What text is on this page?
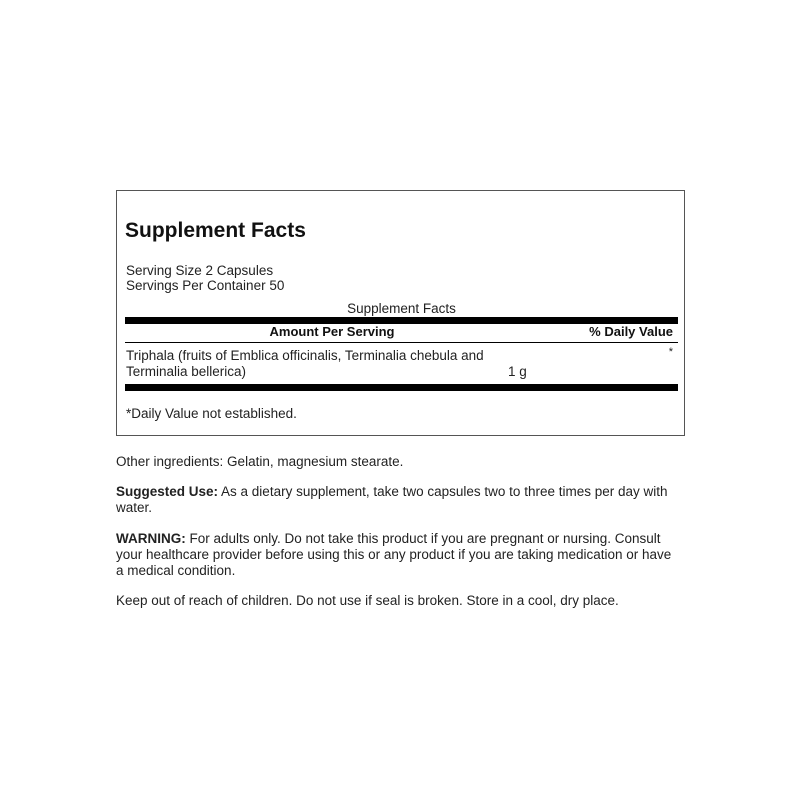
Supplement Facts
Serving Size 2 Capsules
Servings Per Container 50
Supplement Facts
Amount Per Serving	% Daily Value
Triphala (fruits of Emblica officinalis, Terminalia chebula and
Terminalia bellerica)	1 g
*
*Daily Value not established.
Other ingredients: Gelatin, magnesium stearate.
Suggested Use: As a dietary supplement, take two capsules two to three times per day with water.
WARNING: For adults only. Do not take this product if you are pregnant or nursing. Consult your healthcare provider before using this or any product if you are taking medication or have a medical condition.
Keep out of reach of children. Do not use if seal is broken. Store in a cool, dry place.
